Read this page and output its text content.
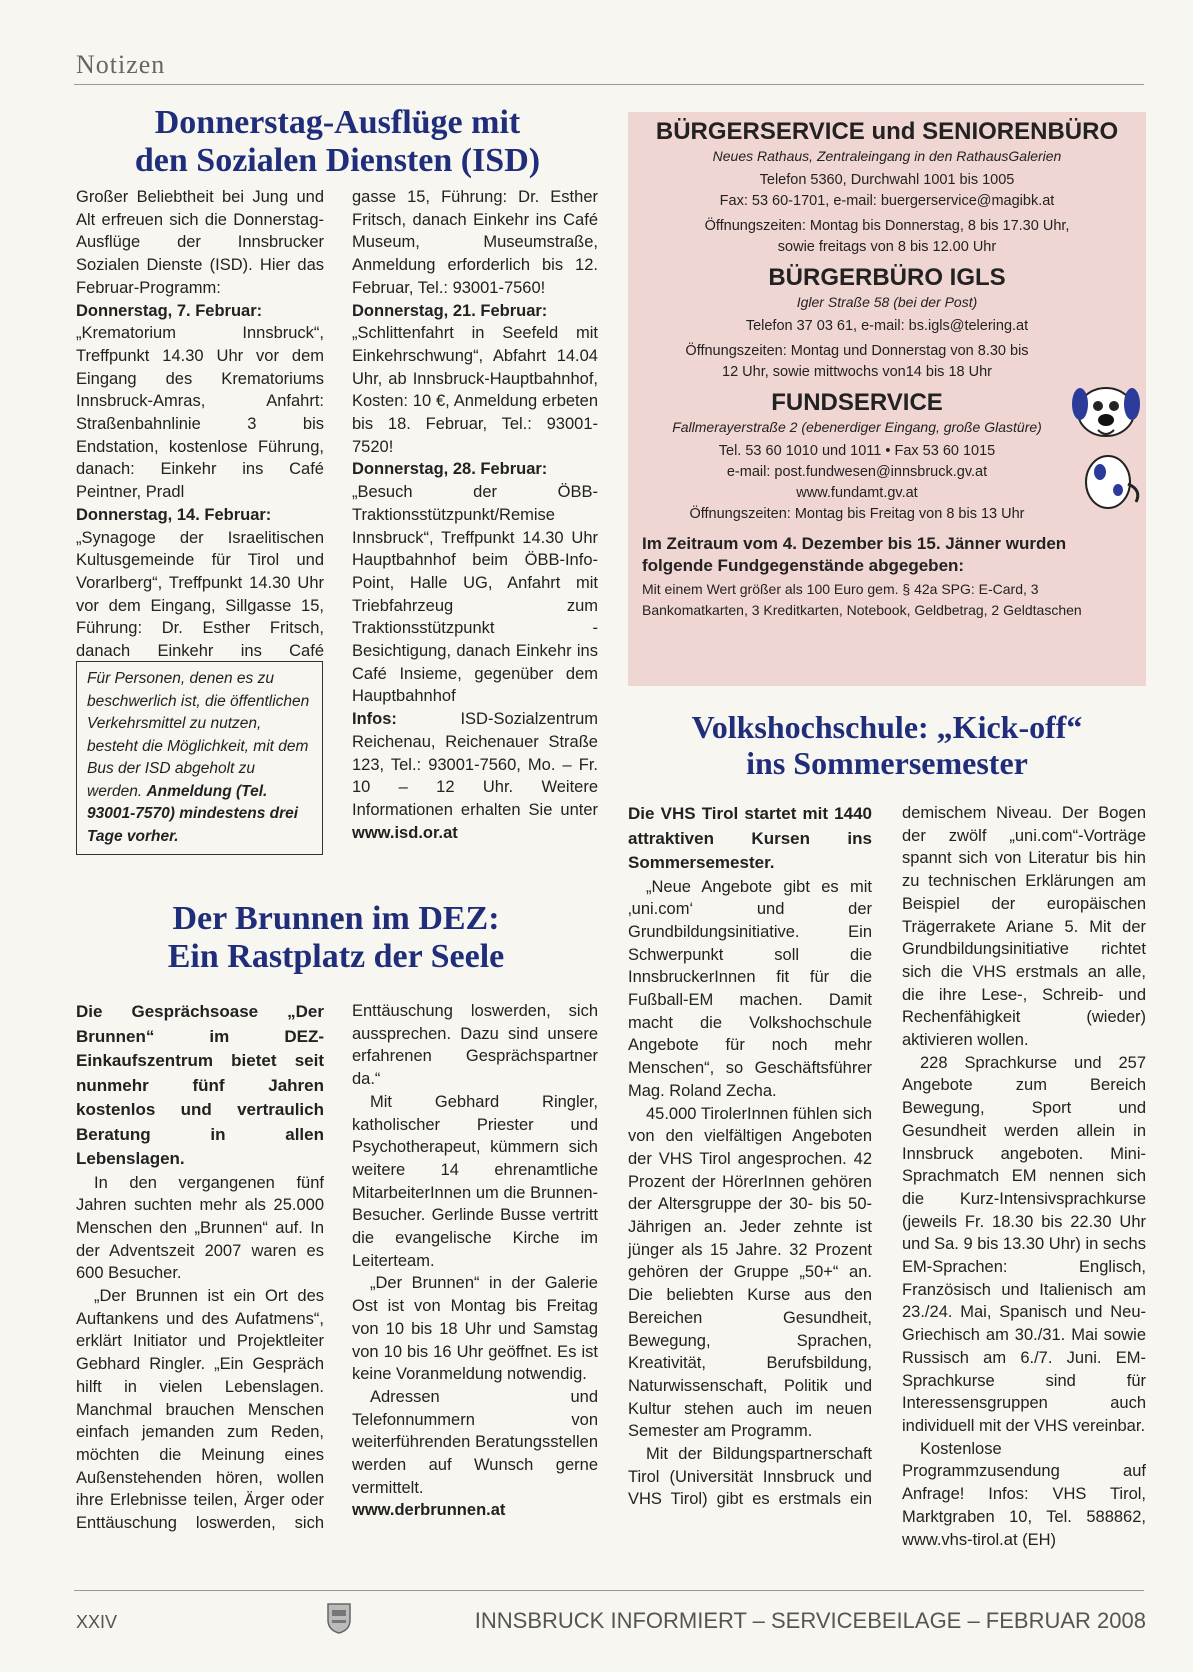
Notizen
Donnerstag-Ausflüge mit
den Sozialen Diensten (ISD)

Großer Beliebtheit bei Jung und Alt erfreuen sich die Donnerstag-Ausflüge der Innsbrucker Sozialen Dienste (ISD). Hier das Februar-Programm:

Donnerstag, 7. Februar:

„Krematorium Innsbruck“, Treffpunkt 14.30 Uhr vor dem Eingang des Krematoriums Innsbruck-Amras, Anfahrt: Straßenbahnlinie 3 bis Endstation, kostenlose Führung, danach: Einkehr ins Café Peintner, Pradl

Donnerstag, 14. Februar:

„Synagoge der Israelitischen Kultusgemeinde für Tirol und Vorarlberg“, Treffpunkt 14.30 Uhr vor dem Eingang, Sillgasse 15, Führung: Dr. Esther Fritsch, danach Einkehr ins Café

Für Personen, denen es zu beschwerlich ist, die öffentlichen Verkehrsmittel zu nutzen, besteht die Möglichkeit, mit dem Bus der ISD abgeholt zu werden. Anmeldung (Tel. 93001-7570) mindestens drei Tage vorher.

gasse 15, Führung: Dr. Esther Fritsch, danach Einkehr ins Café Museum, Museumstraße, Anmeldung erforderlich bis 12. Februar, Tel.: 93001-7560!

Donnerstag, 21. Februar:

„Schlittenfahrt in Seefeld mit Einkehrschwung“, Abfahrt 14.04 Uhr, ab Innsbruck-Hauptbahnhof, Kosten: 10 €, Anmeldung erbeten bis 18. Februar, Tel.: 93001-7520!

Donnerstag, 28. Februar:

„Besuch der ÖBB-Traktionsstützpunkt/Remise Innsbruck“, Treffpunkt 14.30 Uhr Hauptbahnhof beim ÖBB-Info-Point, Halle UG, Anfahrt mit Triebfahrzeug zum Traktionsstützpunkt - Besichtigung, danach Einkehr ins Café Insieme, gegenüber dem Hauptbahnhof

Infos:	ISD-Sozialzentrum Reichenau, Reichenauer Straße 123, Tel.: 93001-7560, Mo. – Fr. 10 – 12 Uhr. Weitere Informationen erhalten Sie unter www.isd.or.at

BÜRGERSERVICE und SENIORENBÜRO
Neues Rathaus, Zentraleingang in den RathausGalerien
Telefon 5360, Durchwahl 1001 bis 1005
Fax: 53 60-1701, e-mail: buergerservice@magibk.at
Öffnungszeiten: Montag bis Donnerstag, 8 bis 17.30 Uhr,
sowie freitags von 8 bis 12.00 Uhr
BÜRGERBÜRO IGLS
Igler Straße 58 (bei der Post)
Telefon 37 03 61, e-mail: bs.igls@telering.at
Öffnungszeiten: Montag und Donnerstag von 8.30 bis
12 Uhr, sowie mittwochs von14 bis 18 Uhr
FUNDSERVICE
Fallmerayerstraße 2 (ebenerdiger Eingang, große Glastüre)
Tel. 53 60 1010 und 1011 • Fax 53 60 1015
e-mail: post.fundwesen@innsbruck.gv.at
www.fundamt.gv.at
Öffnungszeiten: Montag bis Freitag von 8 bis 13 Uhr
Im Zeitraum vom 4. Dezember bis 15. Jänner wurden folgende Fundgegenstände abgegeben:
Mit einem Wert größer als 100 Euro gem. § 42a SPG: E-Card, 3 Bankomatkarten, 3 Kreditkarten, Notebook, Geldbetrag, 2 Geldtaschen
Der Brunnen im DEZ:
Ein Rastplatz der Seele

Die Gesprächsoase „Der Brunnen“ im DEZ-Einkaufszentrum bietet seit nunmehr fünf Jahren kostenlos und vertraulich Beratung in allen Lebenslagen.

In den vergangenen fünf Jahren suchten mehr als 25.000 Menschen den „Brunnen“ auf. In der Adventszeit 2007 waren es 600 Besucher.

„Der Brunnen ist ein Ort des Auftankens und des Aufatmens“, erklärt Initiator und Projektleiter Gebhard Ringler. „Ein Gespräch hilft in vielen Lebenslagen. Manchmal brauchen Menschen einfach jemanden zum Reden, möchten die Meinung eines Außenstehenden hören, wollen ihre Erlebnisse teilen, Ärger oder Enttäuschung loswerden, sich

Enttäuschung loswerden, sich aussprechen. Dazu sind unsere erfahrenen Gesprächspartner da.“

Mit Gebhard Ringler, katholischer Priester und Psychotherapeut, kümmern sich weitere 14 ehrenamtliche MitarbeiterInnen um die Brunnen-Besucher. Gerlinde Busse vertritt die evangelische Kirche im Leiterteam.

„Der Brunnen“ in der Galerie Ost ist von Montag bis Freitag von 10 bis 18 Uhr und Samstag von 10 bis 16 Uhr geöffnet. Es ist keine Voranmeldung notwendig.

Adressen und Telefonnummern von weiterführenden Beratungsstellen werden auf Wunsch gerne vermittelt.

www.derbrunnen.at

Volkshochschule: „Kick-off“
ins Sommersemester

Die VHS Tirol startet mit 1440 attraktiven Kursen ins Sommersemester.

„Neue Angebote gibt es mit ‚uni.com‘ und der Grundbildungsinitiative. Ein Schwerpunkt soll die InnsbruckerInnen fit für die Fußball-EM machen. Damit macht die Volkshochschule Angebote für noch mehr Menschen“, so Geschäftsführer Mag. Roland Zecha.

45.000 TirolerInnen fühlen sich von den vielfältigen Angeboten der VHS Tirol angesprochen. 42 Prozent der HörerInnen gehören der Altersgruppe der 30- bis 50-Jährigen an. Jeder zehnte ist jünger als 15 Jahre. 32 Prozent gehören der Gruppe „50+“ an. Die beliebten Kurse aus den Bereichen Gesundheit, Bewegung, Sprachen, Kreativität, Berufsbildung, Naturwissenschaft, Politik und Kultur stehen auch im neuen Semester am Programm.

Mit der Bildungspartnerschaft Tirol (Universität Innsbruck und VHS Tirol) gibt es erstmals ein

demischem Niveau. Der Bogen der zwölf „uni.com“-Vorträge spannt sich von Literatur bis hin zu technischen Erklärungen am Beispiel der europäischen Trägerrakete Ariane 5. Mit der Grundbildungsinitiative richtet sich die VHS erstmals an alle, die ihre Lese-, Schreib- und Rechenfähigkeit (wieder) aktivieren wollen.

228 Sprachkurse und 257 Angebote zum Bereich Bewegung, Sport und Gesundheit werden allein in Innsbruck angeboten. Mini-Sprachmatch EM nennen sich die Kurz-Intensivsprachkurse (jeweils Fr. 18.30 bis 22.30 Uhr und Sa. 9 bis 13.30 Uhr) in sechs EM-Sprachen: Englisch, Französisch und Italienisch am 23./24. Mai, Spanisch und Neu-Griechisch am 30./31. Mai sowie Russisch am 6./7. Juni. EM-Sprachkurse sind für Interessensgruppen auch individuell mit der VHS vereinbar.

Kostenlose Programmzusendung auf Anfrage! Infos: VHS Tirol, Marktgraben 10, Tel. 588862, www.vhs-tirol.at (EH)

XXIV	INNSBRUCK INFORMIERT – SERVICEBEILAGE – FEBRUAR 2008
